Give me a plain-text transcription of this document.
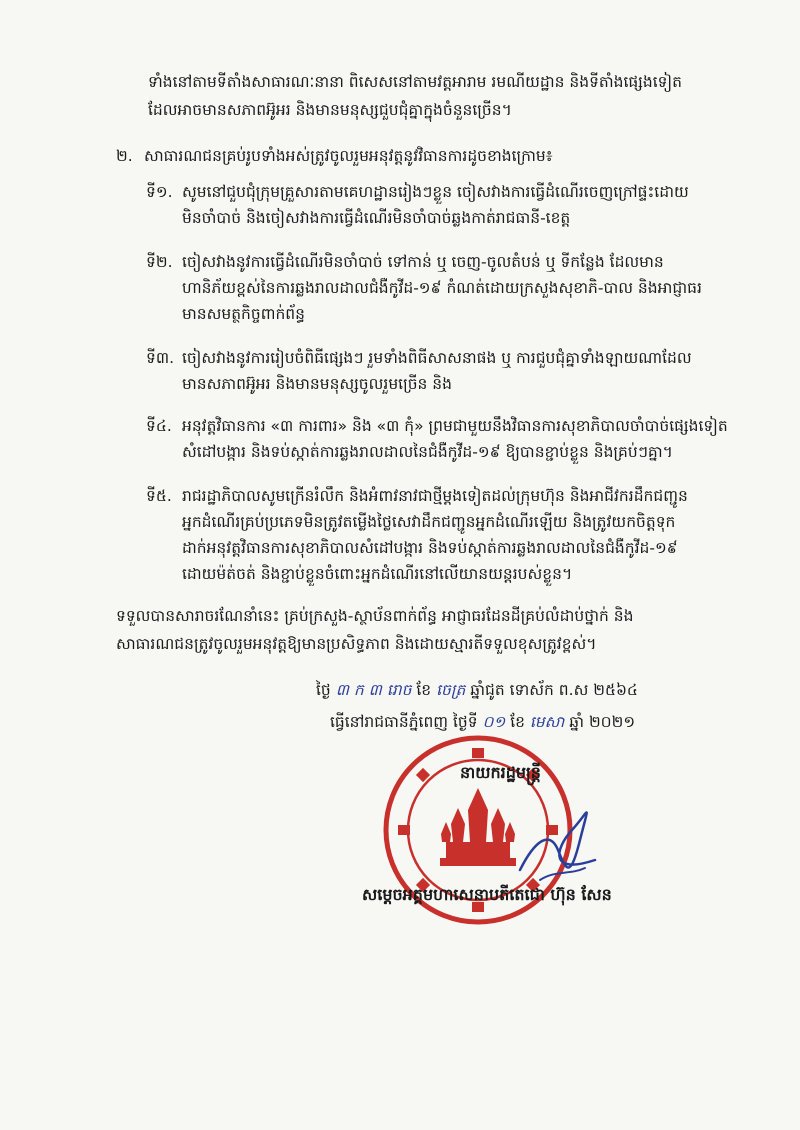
ទាំងនៅតាមទីតាំងសាធារណៈនានា ពិសេសនៅតាមវត្តអារាម រមណីយដ្ឋាន និងទីតាំងផ្សេងទៀត
ដែលអាចមានសភាពអ៊ូអរ និងមានមនុស្សជួបជុំគ្នាក្នុងចំនួនច្រើន។
២. សាធារណជនគ្រប់រូបទាំងអស់ត្រូវចូលរួមអនុវត្តនូវវិធានការដូចខាងក្រោម៖
ទី១. សូមនៅជួបជុំក្រុមគ្រួសារតាមគេហដ្ឋានរៀងៗខ្លួន ចៀសវាងការធ្វើដំណើរចេញក្រៅផ្ទះដោយ
មិនចាំបាច់ និងចៀសវាងការធ្វើដំណើរមិនចាំបាច់ឆ្លងកាត់រាជធានី-ខេត្ត
ទី២. ចៀសវាងនូវការធ្វើដំណើរមិនចាំបាច់ ទៅកាន់ ឬ ចេញ-ចូលតំបន់ ឬ ទីកន្លែង ដែលមាន
ហានិភ័យខ្ពស់នៃការឆ្លងរាលដាលជំងឺកូវីដ-១៩ កំណត់ដោយក្រសួងសុខាភិ-បាល និងអាជ្ញាធរ
មានសមត្ថកិច្ចពាក់ព័ន្ធ
ទី៣. ចៀសវាងនូវការរៀបចំពិធីផ្សេងៗ រួមទាំងពិធីសាសនាផង ឬ ការជួបជុំគ្នាទាំងឡាយណាដែល
មានសភាពអ៊ូអរ និងមានមនុស្សចូលរួមច្រើន និង
ទី៤. អនុវត្តវិធានការ «៣ ការពារ» និង «៣ កុំ» ព្រមជាមួយនឹងវិធានការសុខាភិបាលចាំបាច់ផ្សេងទៀត
សំដៅបង្ការ និងទប់ស្កាត់ការឆ្លងរាលដាលនៃជំងឺកូវីដ-១៩ ឱ្យបានខ្ជាប់ខ្លួន និងគ្រប់ៗគ្នា។
ទី៥. រាជរដ្ឋាភិបាលសូមក្រើនរំលឹក និងអំពាវនាវជាថ្មីម្តងទៀតដល់ក្រុមហ៊ុន និងអាជីវករដឹកជញ្ជូន
អ្នកដំណើរគ្រប់ប្រភេទមិនត្រូវតម្លើងថ្លៃសេវាដឹកជញ្ជូនអ្នកដំណើរឡើយ និងត្រូវយកចិត្តទុក
ដាក់អនុវត្តវិធានការសុខាភិបាលសំដៅបង្ការ និងទប់ស្កាត់ការឆ្លងរាលដាលនៃជំងឺកូវីដ-១៩
ដោយម៉ត់ចត់ និងខ្ជាប់ខ្លួនចំពោះអ្នកដំណើរនៅលើយានយន្តរបស់ខ្លួន។
ទទួលបានសារាចរណែនាំនេះ គ្រប់ក្រសួង-ស្ថាប័នពាក់ព័ន្ធ អាជ្ញាធរដែនដីគ្រប់លំដាប់ថ្នាក់ និង
សាធារណជនត្រូវចូលរួមអនុវត្តឱ្យមានប្រសិទ្ធភាព និងដោយស្មារតីទទួលខុសត្រូវខ្ពស់។
ថ្ងៃ ៣ ក ៣ រោច ខែ ចេត្រ ឆ្នាំជូត ទោស័ក ព.ស ២៥៦៤
ធ្វើនៅរាជធានីភ្នំពេញ ថ្ងៃទី ០១ ខែ មេសា ឆ្នាំ ២០២១
នាយករដ្ឋមន្ត្រី
សម្តេចអគ្គមហាសេនាបតីតេជោ ហ៊ុន សែន
